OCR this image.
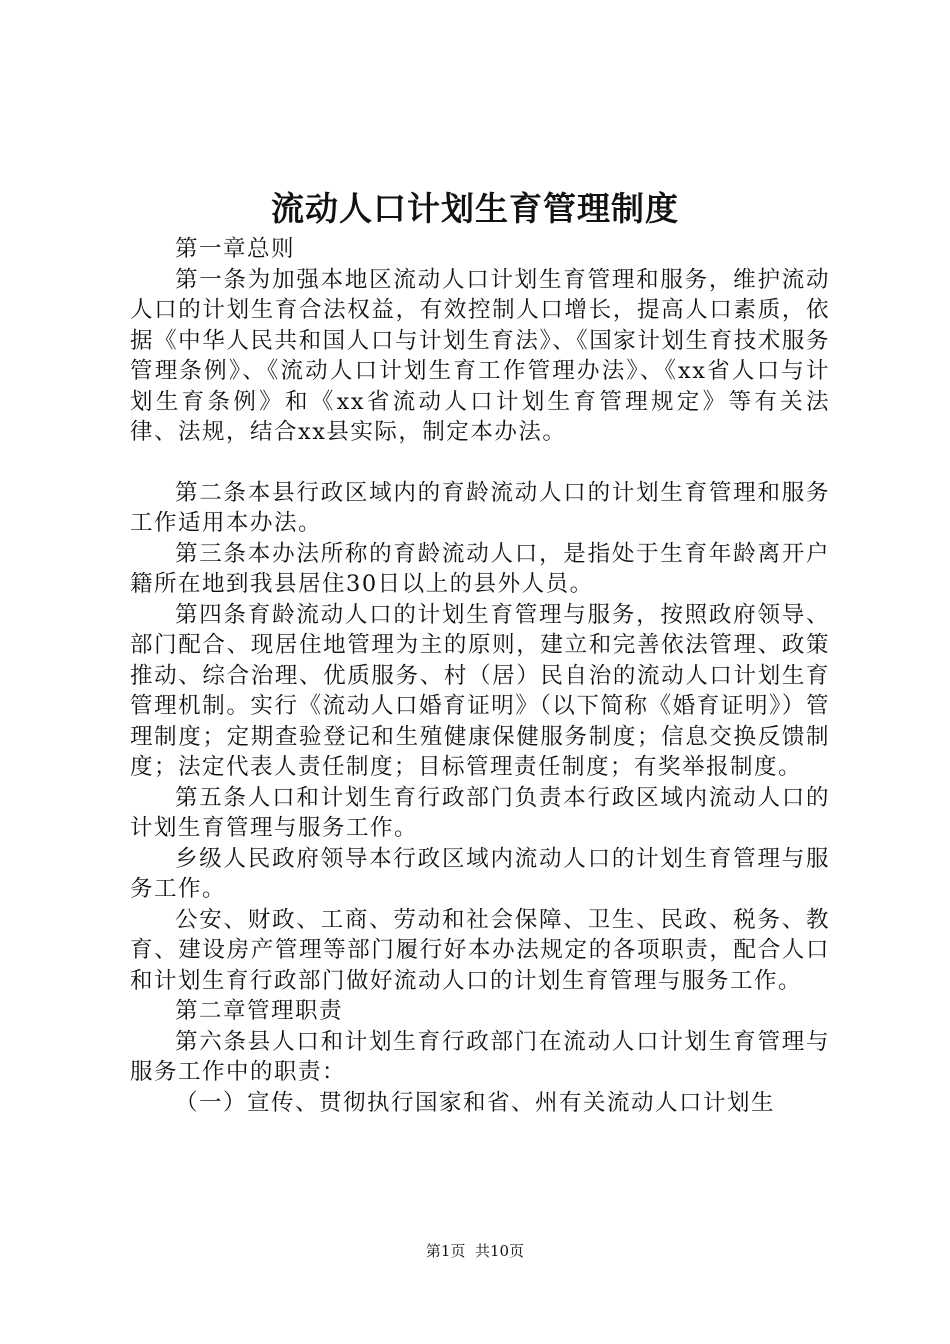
流动人口计划生育管理制度

第一章总则

第一条为加强本地区流动人口计划生育管理和服务，维护流动人口的计划生育合法权益，有效控制人口增长，提高人口素质，依据《中华人民共和国人口与计划生育法》、《国家计划生育技术服务管理条例》、《流动人口计划生育工作管理办法》、《xx省人口与计划生育条例》和《xx省流动人口计划生育管理规定》等有关法律、法规，结合xx县实际，制定本办法。

第二条本县行政区域内的育龄流动人口的计划生育管理和服务工作适用本办法。

第三条本办法所称的育龄流动人口，是指处于生育年龄离开户籍所在地到我县居住30日以上的县外人员。

第四条育龄流动人口的计划生育管理与服务，按照政府领导、部门配合、现居住地管理为主的原则，建立和完善依法管理、政策推动、综合治理、优质服务、村（居）民自治的流动人口计划生育管理机制。实行《流动人口婚育证明》（以下简称《婚育证明》）管理制度；定期查验登记和生殖健康保健服务制度；信息交换反馈制度；法定代表人责任制度；目标管理责任制度；有奖举报制度。

第五条人口和计划生育行政部门负责本行政区域内流动人口的计划生育管理与服务工作。

乡级人民政府领导本行政区域内流动人口的计划生育管理与服务工作。

公安、财政、工商、劳动和社会保障、卫生、民政、税务、教育、建设房产管理等部门履行好本办法规定的各项职责，配合人口和计划生育行政部门做好流动人口的计划生育管理与服务工作。

第二章管理职责

第六条县人口和计划生育行政部门在流动人口计划生育管理与服务工作中的职责：

（一）宣传、贯彻执行国家和省、州有关流动人口计划生

第1页  共10页
